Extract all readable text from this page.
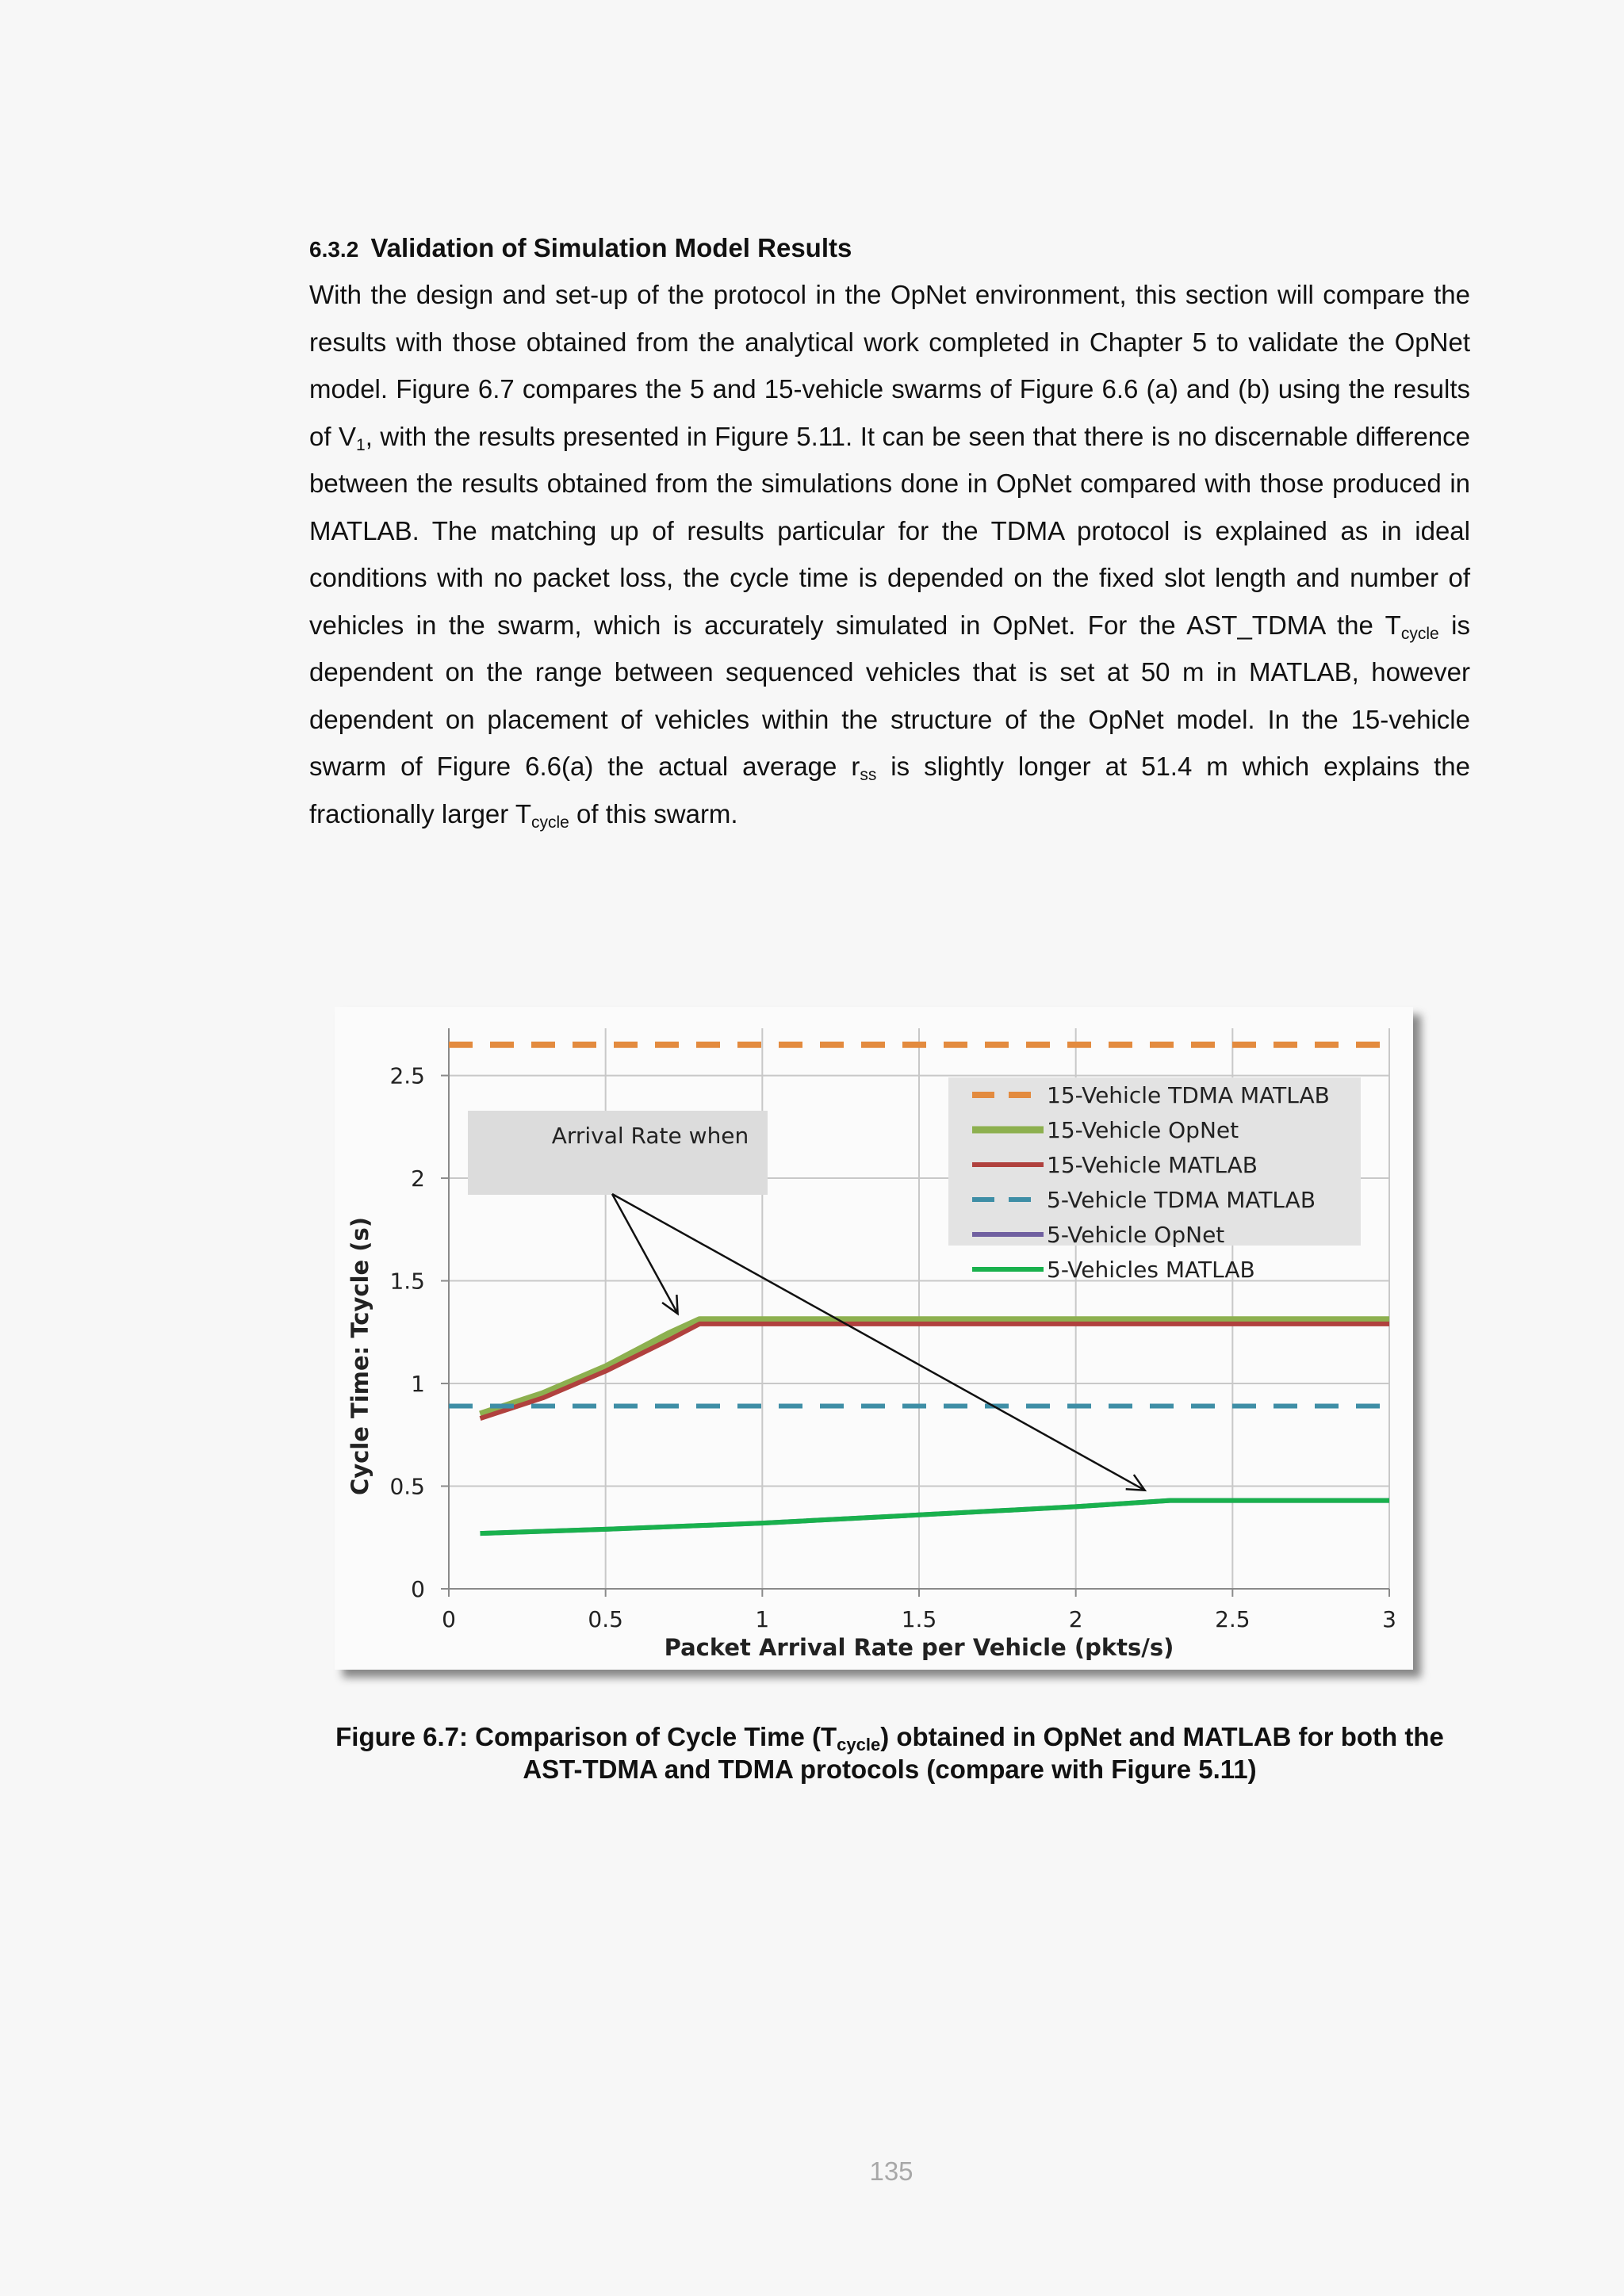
6.3.2 Validation of Simulation Model Results

With the design and set-up of the protocol in the OpNet environment, this section will compare the results with those obtained from the analytical work completed in Chapter 5 to validate the OpNet model. Figure 6.7 compares the 5 and 15-vehicle swarms of Figure 6.6 (a) and (b) using the results of $V_1$, with the results presented in Figure 5.11. It can be seen that there is no discernable difference between the results obtained from the simulations done in OpNet compared with those produced in MATLAB. The matching up of results particular for the TDMA protocol is explained as in ideal conditions with no packet loss, the cycle time is depended on the fixed slot length and number of vehicles in the swarm, which is accurately simulated in OpNet. For the AST_TDMA the $T_{cycle}$ is dependent on the range between sequenced vehicles that is set at 50 m in MATLAB, however dependent on placement of vehicles within the structure of the OpNet model. In the 15-vehicle swarm of Figure 6.6(a) the actual average $r_{ss}$ is slightly longer at 51.4 m which explains the fractionally larger $T_{cycle}$ of this swarm.

0
0.5
1
1.5
2
2.5
0	0.5	1	1.5	2	2.5	3
Packet Arrival Rate per Vehicle (pkts/s)
Cycle Time: Tcycle (s)
Arrival Rate when
15-Vehicle TDMA MATLAB
15-Vehicle OpNet
15-Vehicle MATLAB
5-Vehicle TDMA MATLAB
5-Vehicle OpNet
5-Vehicles MATLAB
Figure 6.7: Comparison of Cycle Time $(T_{cycle})$ obtained in OpNet and MATLAB for both the AST-TDMA and TDMA protocols (compare with Figure 5.11)
135
